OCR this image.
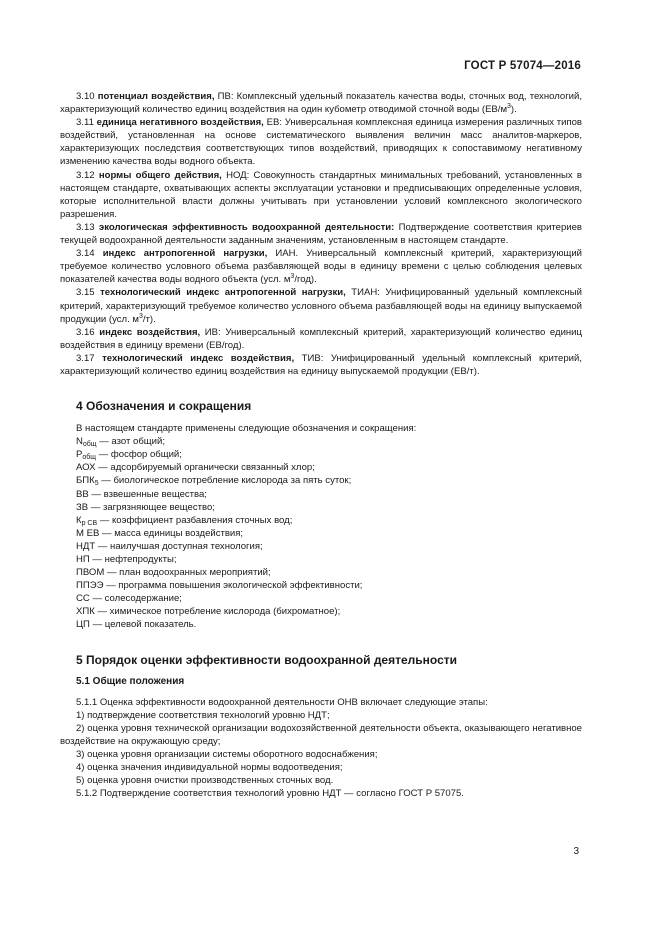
ГОСТ Р 57074—2016

3.10 потенциал воздействия, ПВ: Комплексный удельный показатель качества воды, сточных вод, технологий, характеризующий количество единиц воздействия на один кубометр отводимой сточной воды $(ЕВ/м^3)$.

3.11 единица негативного воздействия, ЕВ: Универсальная комплексная единица измерения различных типов воздействий, установленная на основе систематического выявления величин масс аналитов-маркеров, характеризующих последствия соответствующих типов воздействий, приводящих к сопоставимому негативному изменению качества воды водного объекта.

3.12 нормы общего действия, НОД: Совокупность стандартных минимальных требований, установленных в настоящем стандарте, охватывающих аспекты эксплуатации установки и предписывающих определенные условия, которые исполнительной власти должны учитывать при установлении условий комплексного экологического разрешения.

3.13 экологическая эффективность водоохранной деятельности: Подтверждение соответствия критериев текущей водоохранной деятельности заданным значениям, установленным в настоящем стандарте.

3.14 индекс антропогенной нагрузки, ИАН. Универсальный комплексный критерий, характеризующий требуемое количество условного объема разбавляющей воды в единицу времени с целью соблюдения целевых показателей качества воды водного объекта (усл. $м^3/год$).

3.15 технологический индекс антропогенной нагрузки, ТИАН: Унифицированный удельный комплексный критерий, характеризующий требуемое количество условного объема разбавляющей воды на единицу выпускаемой продукции (усл. $м^3/т$).

3.16 индекс воздействия, ИВ: Универсальный комплексный критерий, характеризующий количество единиц воздействия в единицу времени (ЕВ/год).

3.17 технологический индекс воздействия, ТИВ: Унифицированный удельный комплексный критерий, характеризующий количество единиц воздействия на единицу выпускаемой продукции (ЕВ/т).

4 Обозначения и сокращения

В настоящем стандарте применены следующие обозначения и сокращения:

$N_{общ}$ — азот общий;
$P_{общ}$ — фосфор общий;
АОХ — адсорбируемый органически связанный хлор;
$БПК_5$ — биологическое потребление кислорода за пять суток;
ВВ — взвешенные вещества;
ЗВ — загрязняющее вещество;
$К_{р СВ}$ — коэффициент разбавления сточных вод;
М ЕВ — масса единицы воздействия;
НДТ — наилучшая доступная технология;
НП — нефтепродукты;
ПВОМ — план водоохранных мероприятий;
ППЭЭ — программа повышения экологической эффективности;
СС — солесодержание;
ХПК — химическое потребление кислорода (бихроматное);
ЦП — целевой показатель.
5 Порядок оценки эффективности водоохранной деятельности
5.1 Общие положения

5.1.1 Оценка эффективности водоохранной деятельности ОНВ включает следующие этапы:

1) подтверждение соответствия технологий уровню НДТ;

2) оценка уровня технической организации водохозяйственной деятельности объекта, оказывающего негативное воздействие на окружающую среду;

3) оценка уровня организации системы оборотного водоснабжения;

4) оценка значения индивидуальной нормы водоотведения;

5) оценка уровня очистки производственных сточных вод.

5.1.2 Подтверждение соответствия технологий уровню НДТ — согласно ГОСТ Р 57075.

3
